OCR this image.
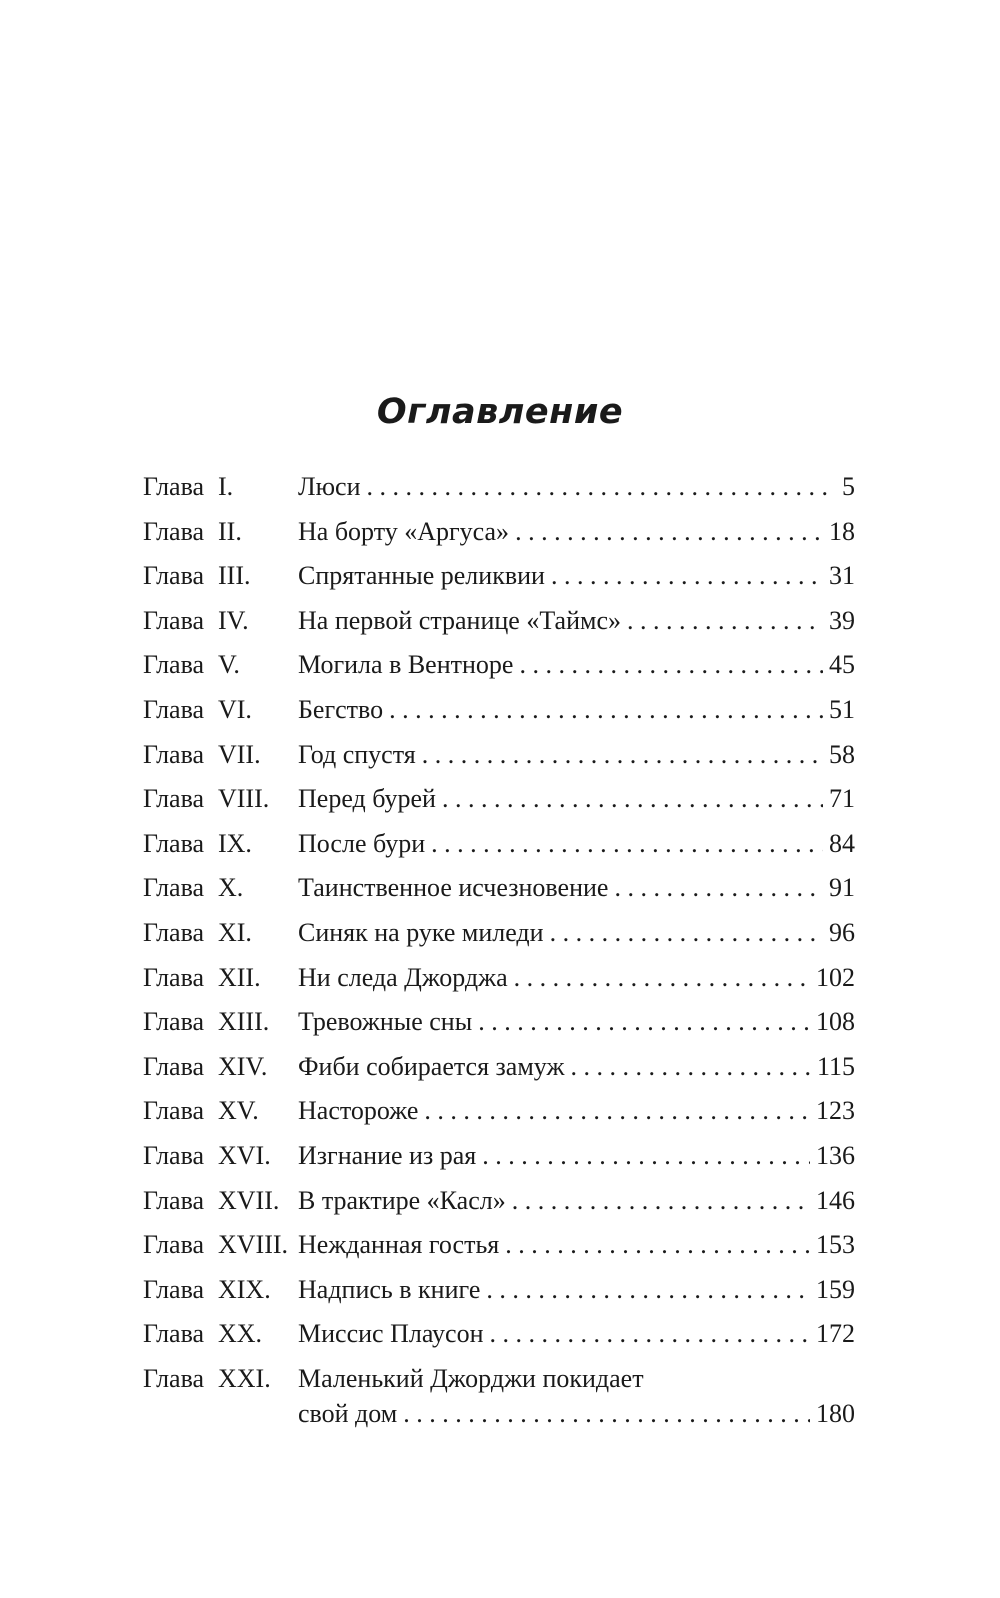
Оглавление
Глава I.	Люси . . .	5
Глава II.	На борту «Аргуса» . . .	18
Глава III.	Спрятанные реликвии . . .	31
Глава IV.	На первой странице «Таймс» . . .	39
Глава V.	Могила в Вентноре . . .	45
Глава VI.	Бегство . . .	51
Глава VII.	Год спустя . . .	58
Глава VIII.	Перед бурей . . .	71
Глава IX.	После бури . . .	84
Глава X.	Таинственное исчезновение . . .	91
Глава XI.	Синяк на руке миледи . . .	96
Глава XII.	Ни следа Джорджа . . .	102
Глава XIII.	Тревожные сны . . .	108
Глава XIV.	Фиби собирается замуж . . .	115
Глава XV.	Настороже . . .	123
Глава XVI.	Изгнание из рая . . .	136
Глава XVII. В трактире «Касл» . . .	146
Глава XVIII. Нежданная гостья . . .	153
Глава XIX.	Надпись в книге . . .	159
Глава XX.	Миссис Плаусон . . .	172
Глава XXI.	Маленький Джорджи покидает
свой дом . . .	180
